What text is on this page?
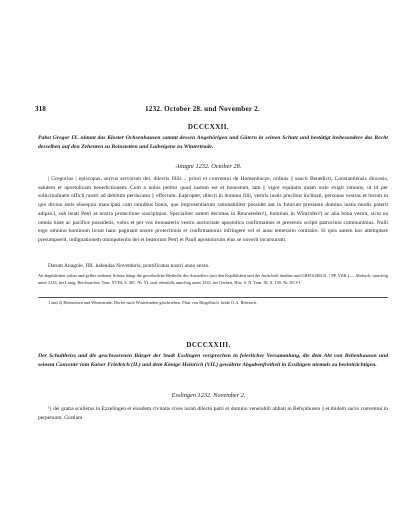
318	1232. October 28. und November 2.
DCCCXXII.
Pabst Gregor IX. nimmt das Kloster Ochsenhausen sammt dessen Angehörigen und Gütern in seinen Schutz und bestätigt insbesondere das Recht desselben auf den Zehenten zu Reinstetten und Laibeigene zu Wintertrude.
Anagni 1232. October 28.

| Gregorius | episcopus, servus servorum dei, dilectis filiis .. priori et conventui de Homenhucze, ordinis || sancti Benedicti, Constantiensis diocesis, salutem et apostolicam benedictionem. Cum a nobis petitur quod iustum est et honestum, tam || vigor equitatis quam ordo exigit rationis, ut id per sollicitudinem officii nostri ad debitum perducatur || effectum. Eapropter, dilecti in domino filii, vestris iustis precibus inclinati, personas vestras et locum in quo divino estis obsequio mancipati cum omnibus bonis, que impresentiarum rationabiliter possidet aut in futurum prestante domino iustis modis poterit adipisci, sub beati Petri et nostra protectione suscipimus. Specialiter autem decimas in Reunsteden¹), homines in Wintriden²) ac alia bona vestra, sicut ea omnia iuste ac pacifice possidetis, vobis et per vos monasterio vestro auctoritate apostolica confirmamus et presentis scripti patrocinio communimus. Nulli ergo omnino hominum liceat hanc paginam nostre protectionis et confirmationis infringere vel ei ausu temerario contraire. Si quis autem hoc attemptare presumpserit, indignationem omnipotentis dei et beatorum Petri et Pauli apostolorum eius se noverit incursurum.

Datum Anagnie, IIII. kalendas Novembris, pontificatus nostri anno sexto.

An abgeblichter rother und gelber seidener Schnur hängt die gewöhnliche Bleibulle des Ausstellers (mit den Kopfbildern und der Aufschrift darüber und GREGORIUS . | PP. VIIII.) — Abdruck, unrichtig unter 1233, bei Lünig, Reichsarchiv, Tom. XVIII, S. 367, Nr. VI. und, ebenfalls unrichtig unter 1233, bei Gerbert, Hist. S. N. Tom. III, S. 139, Nr. XCVI.

1 und 2) Reinstetten und Wintertrude, Dörfer nach Wintertruden geschrieben, Pfarr von Biegelbach, beide O.A. Biberach.

DCCCXXIII.
Der Schultheiss und die geschworenen Bürger der Stadt Esslingen versprechen in feierlicher Versammlung, die dem Abt von Bebenhausen und seinem Convente vom Kaiser Friedrich (II.) und dem Könige Heinrich (VII.) gewährte Abgabenfreiheit in Esslingen niemals zu beeinträchtigen.
Esslingen 1232. November 2.

¹) dei gratia sculletus in Ezzelingen et eiusdem civitatis cives iurati dilecto patri et domino venerabili abbati in Bebynhusen || et ibidem sacro conventui in perpetuum. Gratiam
